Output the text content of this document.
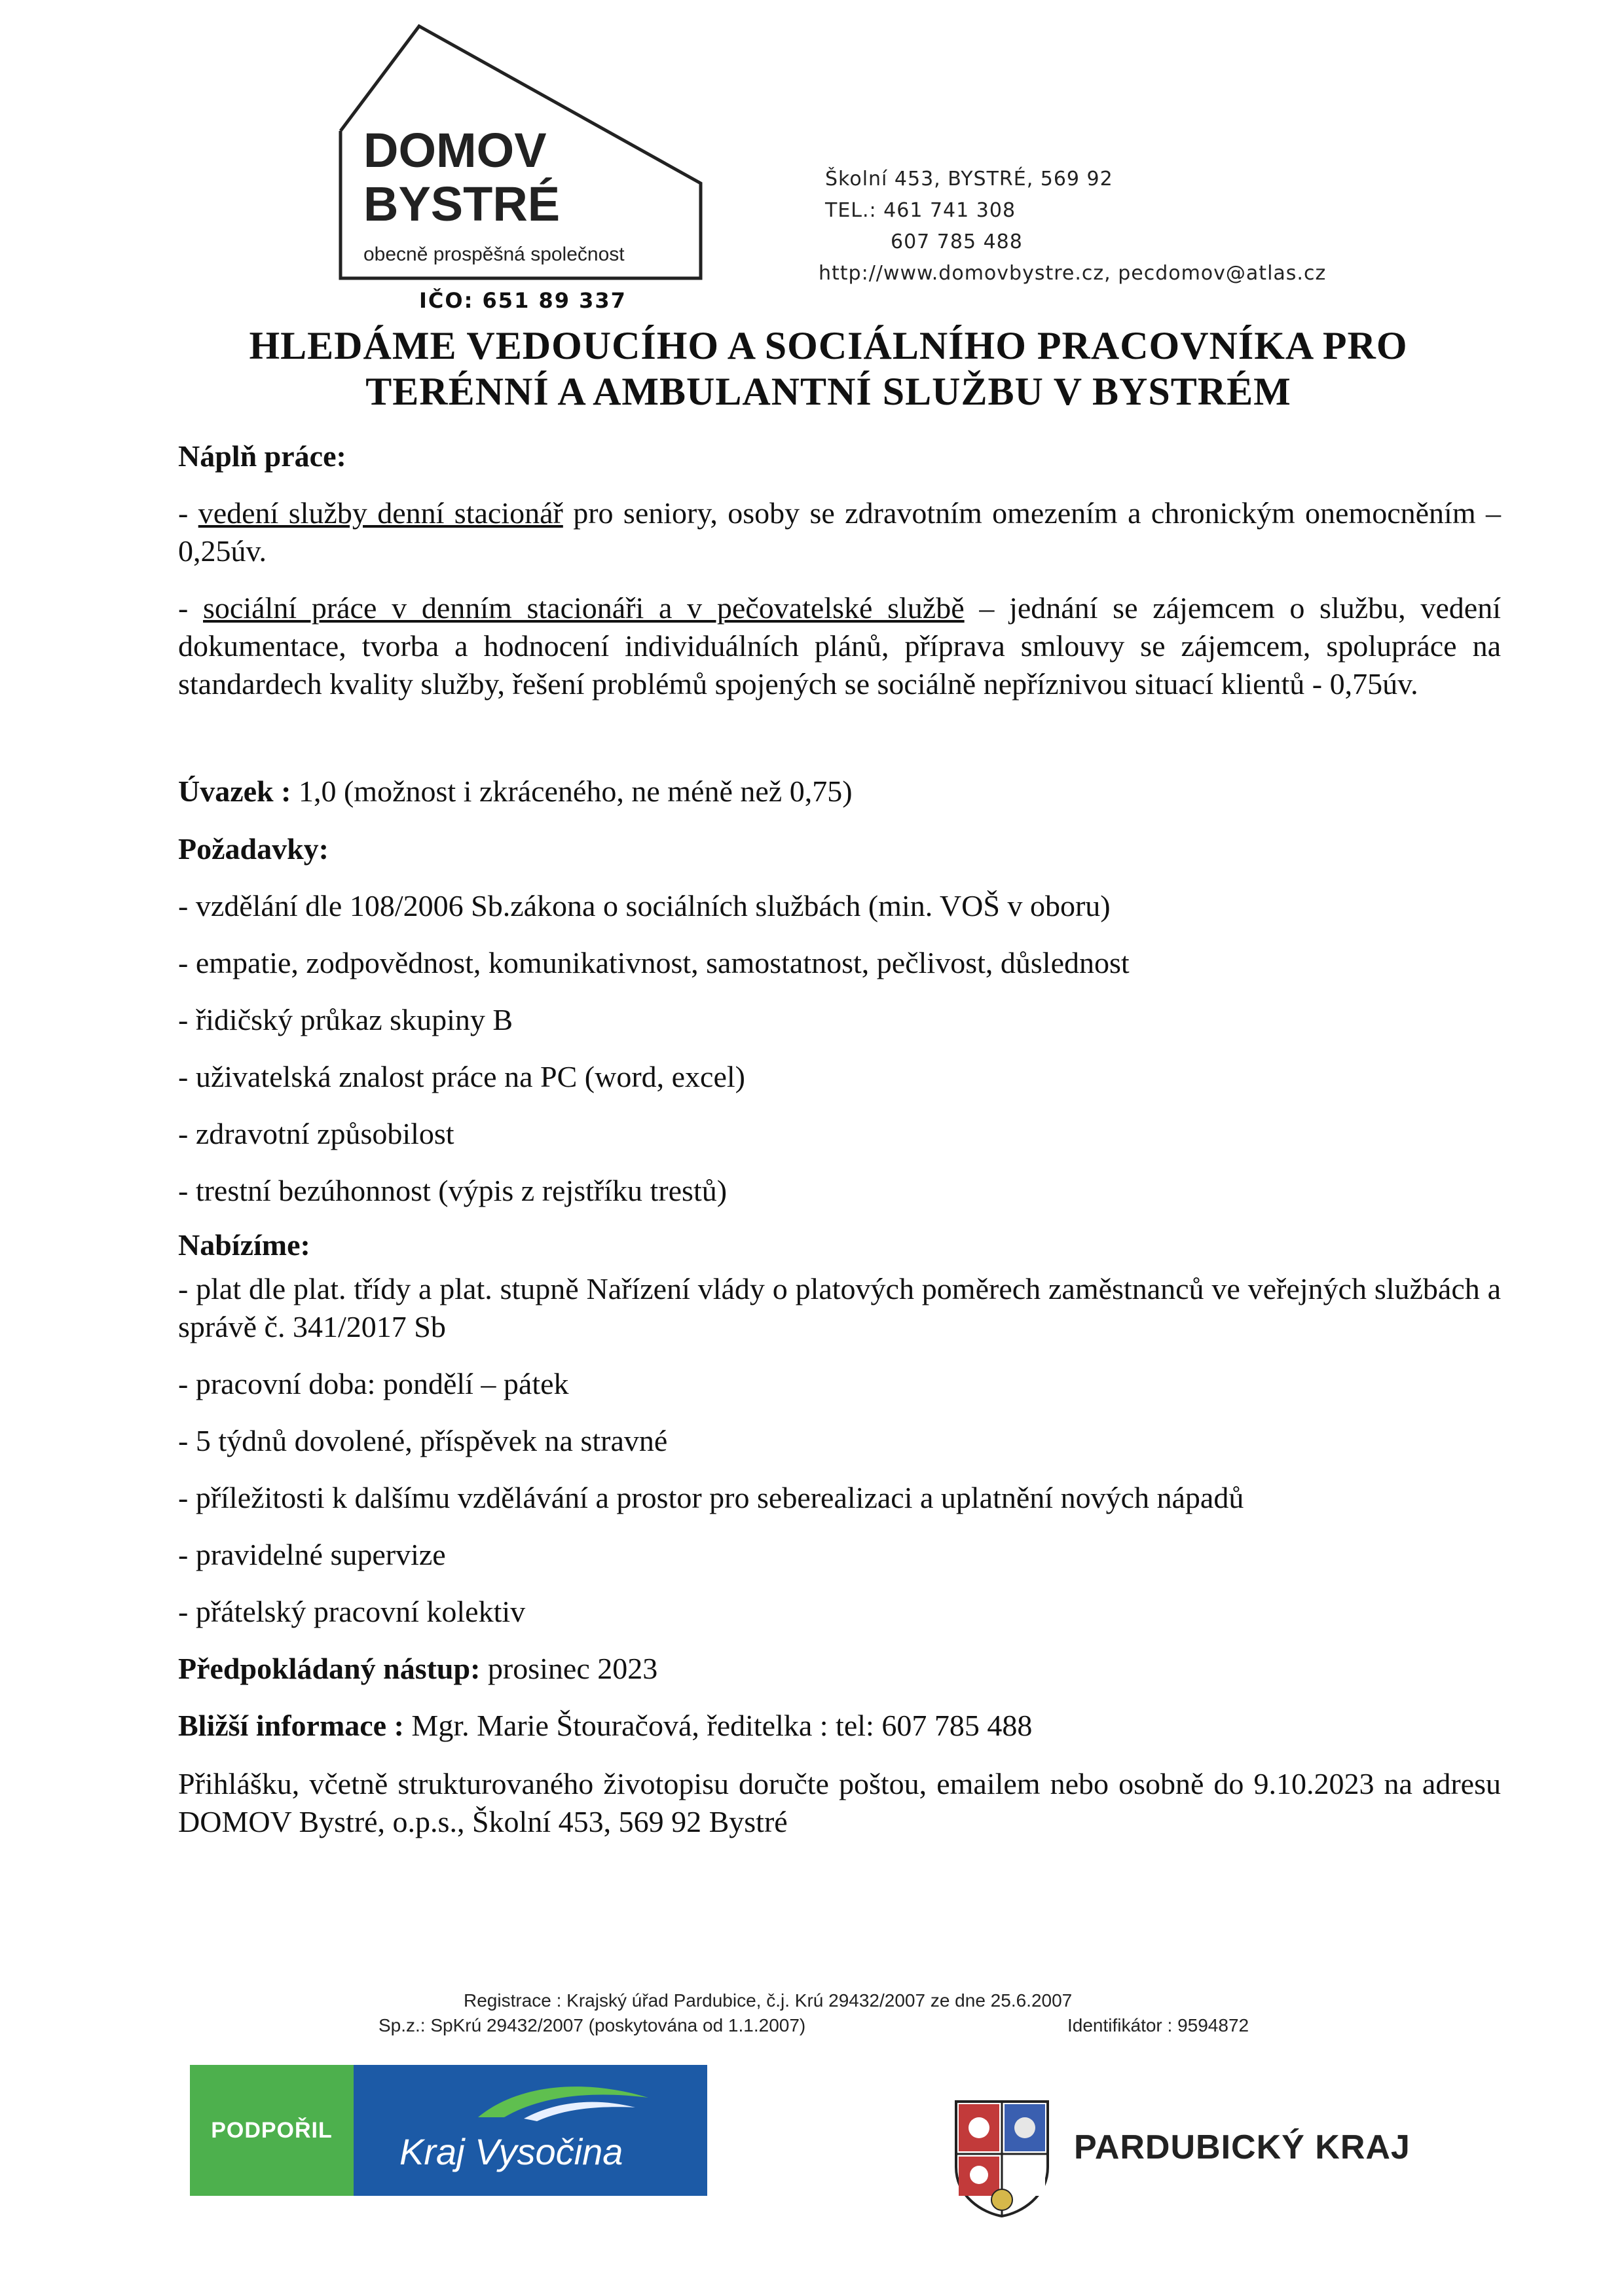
DOMOV
BYSTRÉ
obecně prospěšná společnost
IČO: 651 89 337
Školní 453, BYSTRÉ, 569 92
TEL.: 461 741 308
607 785 488
http://www.domovbystre.cz, pecdomov@atlas.cz
HLEDÁME VEDOUCÍHO A SOCIÁLNÍHO PRACOVNÍKA PRO
TERÉNNÍ A AMBULANTNÍ SLUŽBU V BYSTRÉM
Náplň práce:
- vedení služby denní stacionář pro seniory, osoby se zdravotním omezením a chronickým onemocněním – 0,25úv.
- sociální práce v denním stacionáři a v pečovatelské službě – jednání se zájemcem o službu, vedení dokumentace, tvorba a hodnocení individuálních plánů, příprava smlouvy se zájemcem, spolupráce na standardech kvality služby, řešení problémů spojených se sociálně nepříznivou situací klientů - 0,75úv.
Úvazek : 1,0 (možnost i zkráceného, ne méně než 0,75)
Požadavky:
- vzdělání dle 108/2006 Sb.zákona o sociálních službách (min. VOŠ v oboru)
- empatie, zodpovědnost, komunikativnost, samostatnost, pečlivost, důslednost
- řidičský průkaz skupiny B
- uživatelská znalost práce na PC (word, excel)
- zdravotní způsobilost
- trestní bezúhonnost (výpis z rejstříku trestů)
Nabízíme:
- plat dle plat. třídy a plat. stupně Nařízení vlády o platových poměrech zaměstnanců ve veřejných službách a správě č. 341/2017 Sb
- pracovní doba: pondělí – pátek
- 5 týdnů dovolené, příspěvek na stravné
- příležitosti k dalšímu vzdělávání a prostor pro seberealizaci a uplatnění nových nápadů
- pravidelné supervize
- přátelský pracovní kolektiv
Předpokládaný nástup: prosinec 2023
Bližší informace : Mgr. Marie Štouračová, ředitelka : tel: 607 785 488
Přihlášku, včetně strukturovaného životopisu doručte poštou, emailem nebo osobně do 9.10.2023 na adresu DOMOV Bystré, o.p.s., Školní 453, 569 92 Bystré
Registrace : Krajský úřad Pardubice, č.j. Krú 29432/2007 ze dne 25.6.2007
Sp.z.: SpKrú 29432/2007 (poskytována od 1.1.2007)	Identifikátor : 9594872
PODPOŘIL
Kraj Vysočina	PARDUBICKÝ KRAJ
